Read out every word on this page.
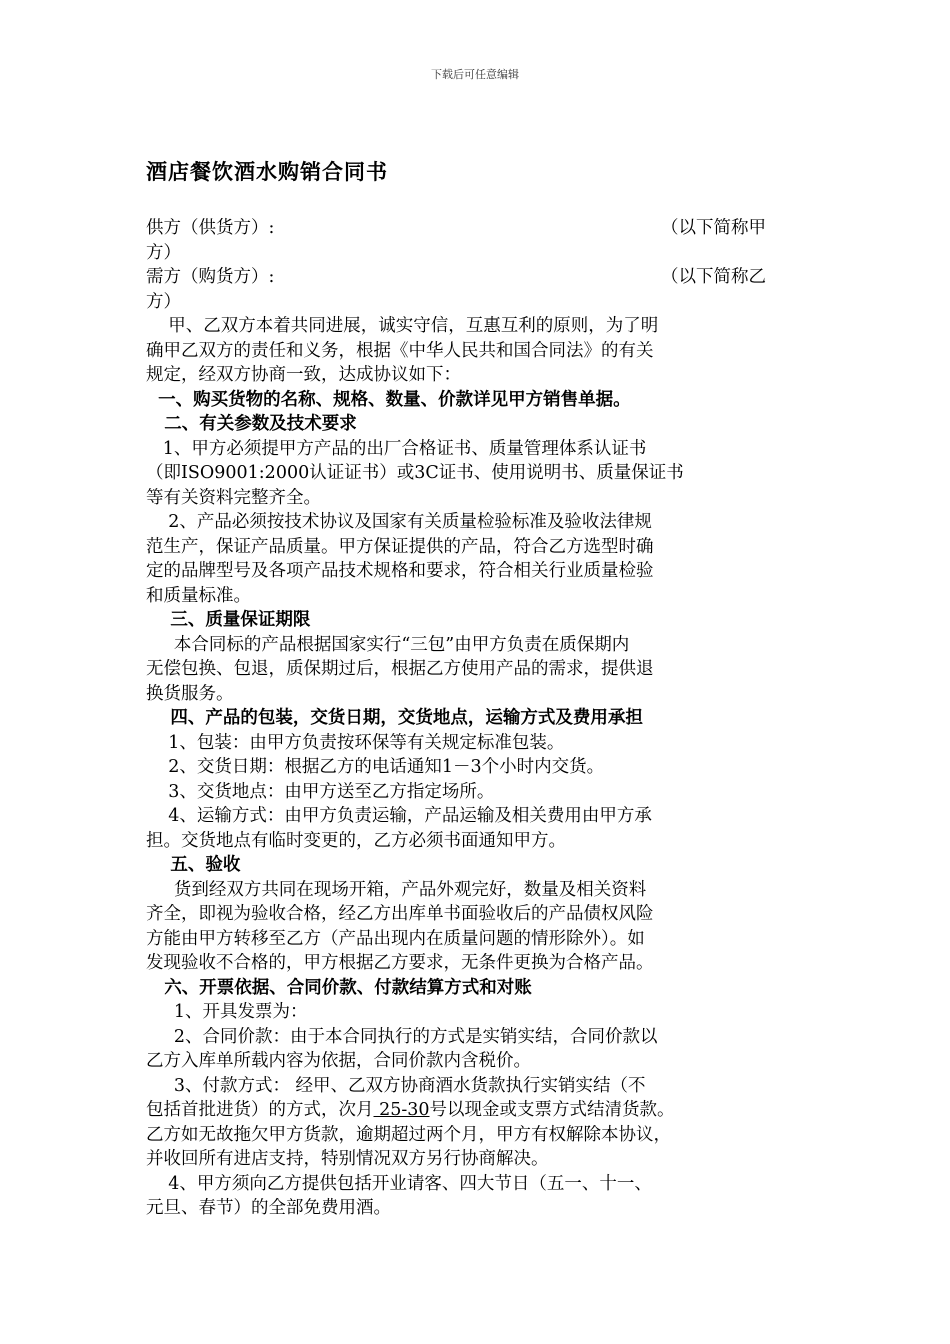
下载后可任意编辑
酒店餐饮酒水购销合同书
供方（供货方）:	（以下简称甲
方）
需方（购货方）:	（以下简称乙
方）
甲、乙双方本着共同进展，诚实守信，互惠互利的原则，为了明
确甲乙双方的责任和义务，根据《中华人民共和国合同法》的有关
规定，经双方协商一致，达成协议如下：
一、购买货物的名称、规格、数量、价款详见甲方销售单据。
二、有关参数及技术要求
1、甲方必须提甲方产品的出厂合格证书、质量管理体系认证书
（即ISO9001:2000认证证书）或3C证书、使用说明书、质量保证书
等有关资料完整齐全。
2、产品必须按技术协议及国家有关质量检验标准及验收法律规
范生产，保证产品质量。甲方保证提供的产品，符合乙方选型时确
定的品牌型号及各项产品技术规格和要求，符合相关行业质量检验
和质量标准。
三、质量保证期限
本合同标的产品根据国家实行“三包”由甲方负责在质保期内
无偿包换、包退，质保期过后，根据乙方使用产品的需求，提供退
换货服务。
四、产品的包装，交货日期，交货地点，运输方式及费用承担
1、包装：由甲方负责按环保等有关规定标准包装。
2、交货日期：根据乙方的电话通知1－3个小时内交货。
3、交货地点：由甲方送至乙方指定场所。
4、运输方式：由甲方负责运输，产品运输及相关费用由甲方承
担。交货地点有临时变更的，乙方必须书面通知甲方。
五、验收
货到经双方共同在现场开箱，产品外观完好，数量及相关资料
齐全，即视为验收合格，经乙方出库单书面验收后的产品债权风险
方能由甲方转移至乙方（产品出现内在质量问题的情形除外）。如
发现验收不合格的，甲方根据乙方要求，无条件更换为合格产品。
六、开票依据、合同价款、付款结算方式和对账
1、开具发票为：
2、合同价款：由于本合同执行的方式是实销实结，合同价款以
乙方入库单所载内容为依据，合同价款内含税价。
3、付款方式： 经甲、乙双方协商酒水货款执行实销实结（不
包括首批进货）的方式，次月 25-30号以现金或支票方式结清货款。
乙方如无故拖欠甲方货款，逾期超过两个月，甲方有权解除本协议，
并收回所有进店支持，特别情况双方另行协商解决。
4、甲方须向乙方提供包括开业请客、四大节日（五一、十一、
元旦、春节）的全部免费用酒。
